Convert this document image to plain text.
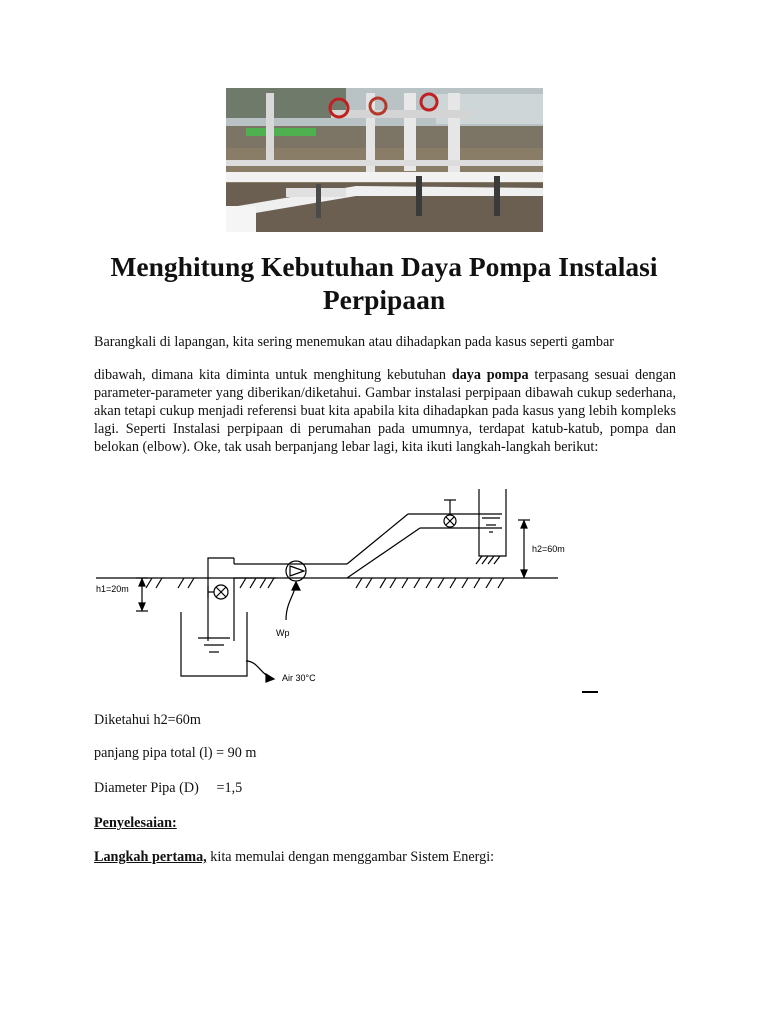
Menghitung Kebutuhan Daya Pompa Instalasi Perpipaan

Barangkali di lapangan, kita sering menemukan atau dihadapkan pada kasus seperti gambar

dibawah, dimana kita diminta untuk menghitung kebutuhan daya pompa terpasang sesuai dengan parameter-parameter yang diberikan/diketahui. Gambar instalasi perpipaan dibawah cukup sederhana, akan tetapi cukup menjadi referensi buat kita apabila kita dihadapkan pada kasus yang lebih kompleks lagi. Seperti Instalasi perpipaan di perumahan pada umumnya, terdapat katub-katub, pompa dan belokan (elbow). Oke, tak usah berpanjang lebar lagi, kita ikuti langkah-langkah berikut:

h1=20m
h2=60m
Wp
Air 30°C

Diketahui h2=60m

panjang pipa total (l) = 90 m

Diameter Pipa (D)     =1,5

Penyelesaian:

Langkah pertama, kita memulai dengan menggambar Sistem Energi:
